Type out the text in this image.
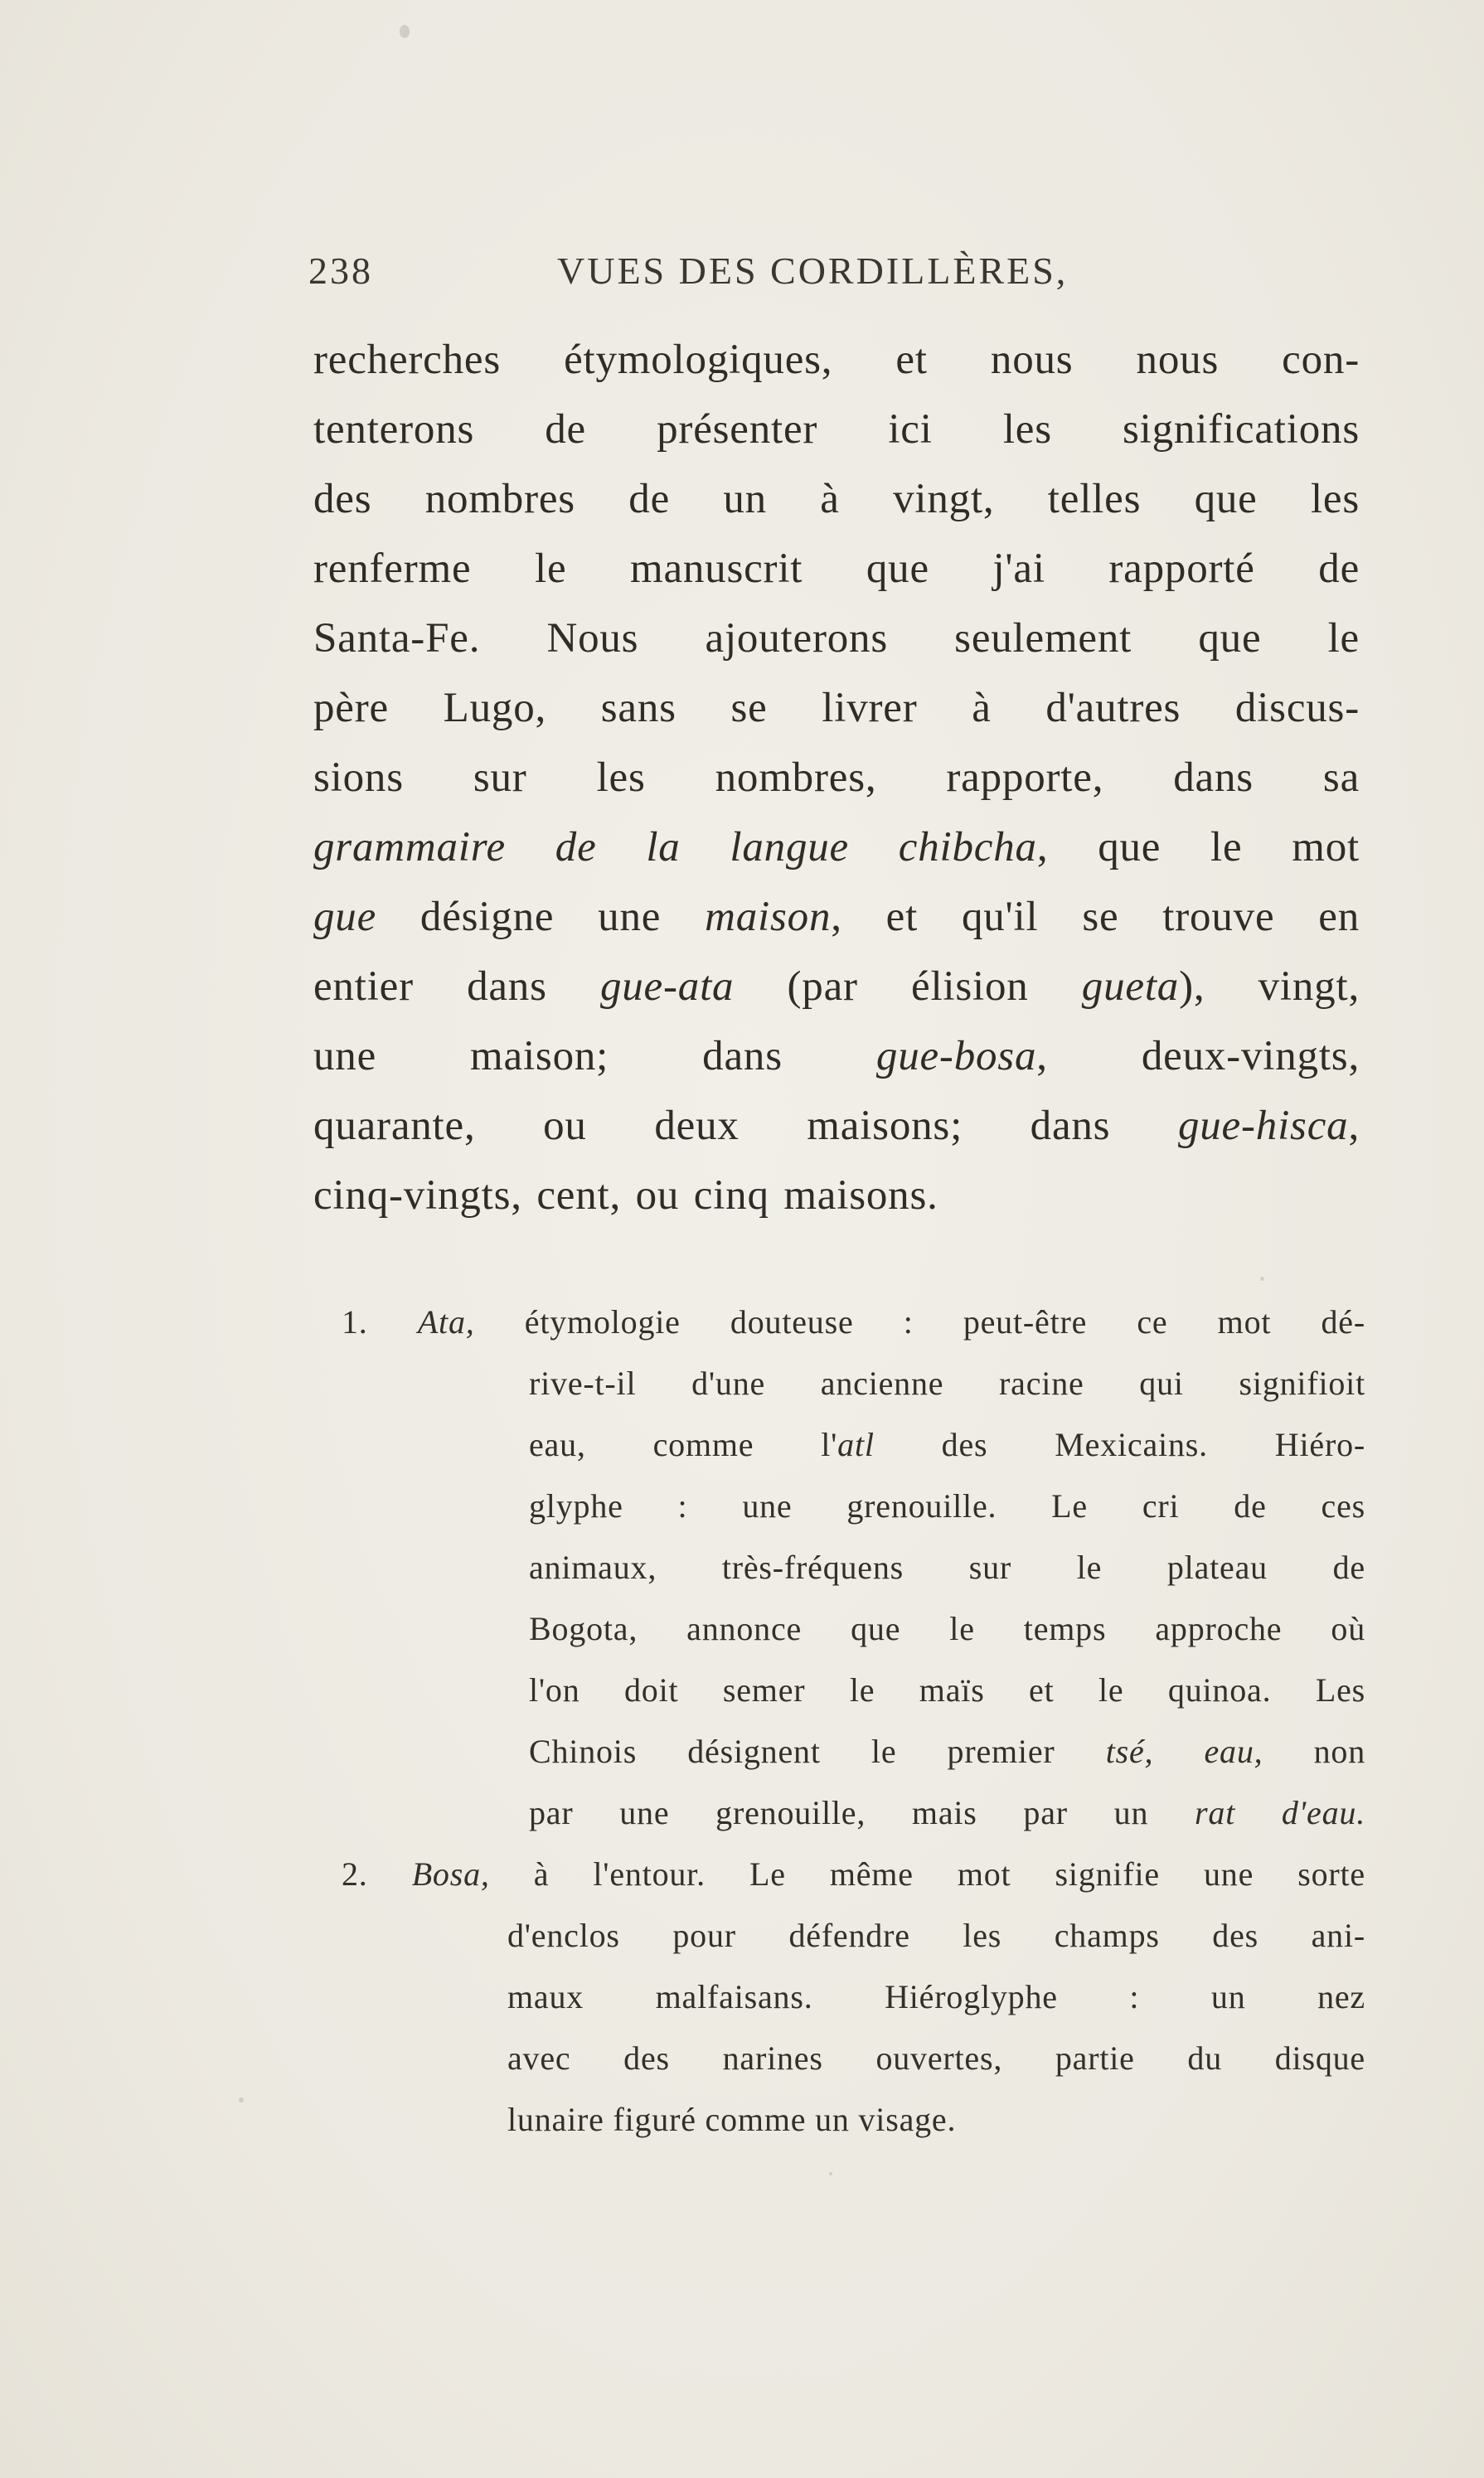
238	VUES DES CORDILLÈRES,
recherches étymologiques, et nous nous con-
tenterons de présenter ici les significations
des nombres de un à vingt, telles que les
renferme le manuscrit que j'ai rapporté de
Santa-Fe. Nous ajouterons seulement que le
père Lugo, sans se livrer à d'autres discus-
sions sur les nombres, rapporte, dans sa
grammaire de la langue chibcha, que le mot
gue désigne une maison, et qu'il se trouve en
entier dans gue-ata (par élision gueta), vingt,
une maison; dans gue-bosa, deux-vingts,
quarante, ou deux maisons; dans gue-hisca,
cinq-vingts, cent, ou cinq maisons.
1. Ata, étymologie douteuse : peut-être ce mot dé-
rive-t-il d'une ancienne racine qui signifioit
eau, comme l'atl des Mexicains. Hiéro-
glyphe : une grenouille. Le cri de ces
animaux, très-fréquens sur le plateau de
Bogota, annonce que le temps approche où
l'on doit semer le maïs et le quinoa. Les
Chinois désignent le premier tsé, eau, non
par une grenouille, mais par un rat d'eau.
2. Bosa, à l'entour. Le même mot signifie une sorte
d'enclos pour défendre les champs des ani-
maux malfaisans. Hiéroglyphe : un nez
avec des narines ouvertes, partie du disque
lunaire figuré comme un visage.
